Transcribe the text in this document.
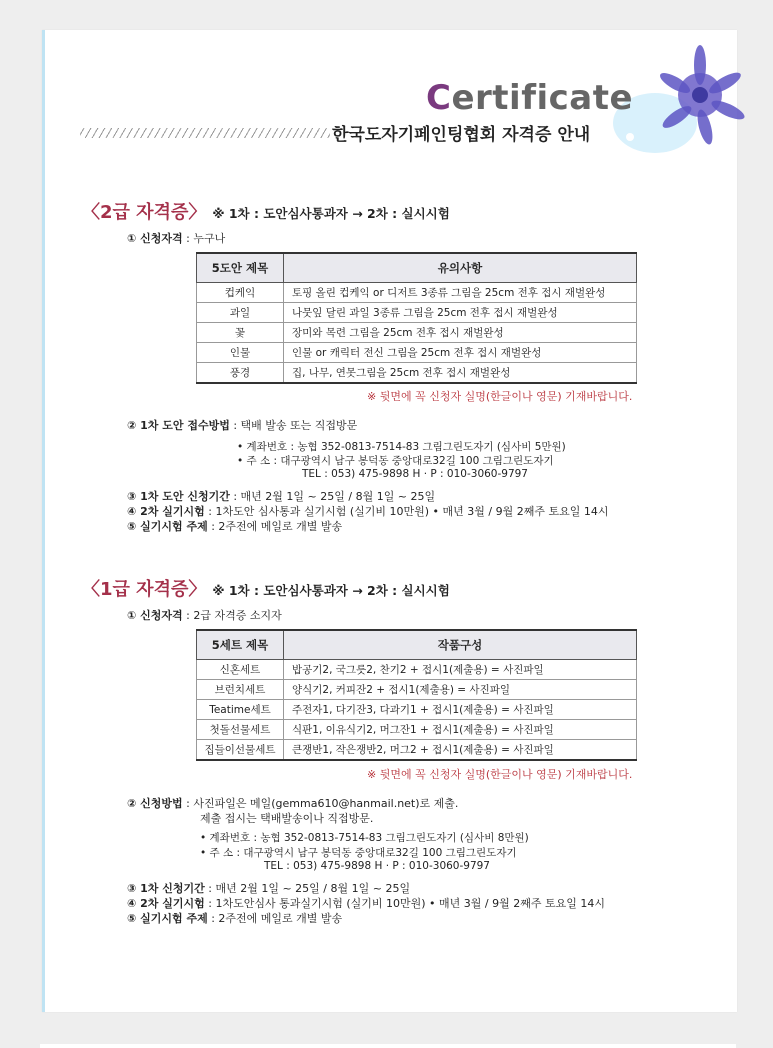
Certificate
한국도자기페인팅협회 자격증 안내
〈2급 자격증〉 ※ 1차 : 도안심사통과자 → 2차 : 실시시험
① 신청자격 : 누구나
5도안 제목	유의사항
컵케익	토핑 올린 컵케익 or 디저트 3종류 그림을 25cm 전후 접시 재벌완성
과일	나뭇잎 달린 과일 3종류 그림을 25cm 전후 접시 재벌완성
꽃	장미와 목련 그림을 25cm 전후 접시 재벌완성
인물	인물 or 캐릭터 전신 그림을 25cm 전후 접시 재벌완성
풍경	집, 나무, 연못그림을 25cm 전후 접시 재벌완성
※ 뒷면에 꼭 신청자 실명(한글이나 영문) 기재바랍니다.
② 1차 도안 접수방법 : 택배 발송 또는 직접방문
• 계좌번호 : 농협 352-0813-7514-83 그림그린도자기 (심사비 5만원)
• 주 소 : 대구광역시 남구 봉덕동 중앙대로32길 100 그림그린도자기
TEL : 053) 475-9898 H · P : 010-3060-9797
③ 1차 도안 신청기간 : 매년 2월 1일 ~ 25일 / 8월 1일 ~ 25일
④ 2차 실기시험 : 1차도안 심사통과 실기시험 (실기비 10만원) • 매년 3월 / 9월 2째주 토요일 14시
⑤ 실기시험 주제 : 2주전에 메일로 개별 발송
〈1급 자격증〉 ※ 1차 : 도안심사통과자 → 2차 : 실시시험
① 신청자격 : 2급 자격증 소지자
5세트 제목	작품구성
신혼세트	밥공기2, 국그릇2, 찬기2 + 접시1(제출용) = 사진파일
브런치세트	양식기2, 커피잔2 + 접시1(제출용) = 사진파일
Teatime세트	주전자1, 다기잔3, 다과기1 + 접시1(제출용) = 사진파일
첫돌선물세트	식판1, 이유식기2, 머그잔1 + 접시1(제출용) = 사진파일
집들이선물세트	큰쟁반1, 작은쟁반2, 머그2 + 접시1(제출용) = 사진파일
※ 뒷면에 꼭 신청자 실명(한글이나 영문) 기재바랍니다.
② 신청방법 : 사진파일은 메일(gemma610@hanmail.net)로 제출.
제출 접시는 택배발송이나 직접방문.
• 계좌번호 : 농협 352-0813-7514-83 그림그린도자기 (심사비 8만원)
• 주 소 : 대구광역시 남구 봉덕동 중앙대로32길 100 그림그린도자기
TEL : 053) 475-9898 H · P : 010-3060-9797
③ 1차 신청기간 : 매년 2월 1일 ~ 25일 / 8월 1일 ~ 25일
④ 2차 실기시험 : 1차도안심사 통과실기시험 (실기비 10만원) • 매년 3월 / 9월 2째주 토요일 14시
⑤ 실기시험 주제 : 2주전에 메일로 개별 발송
